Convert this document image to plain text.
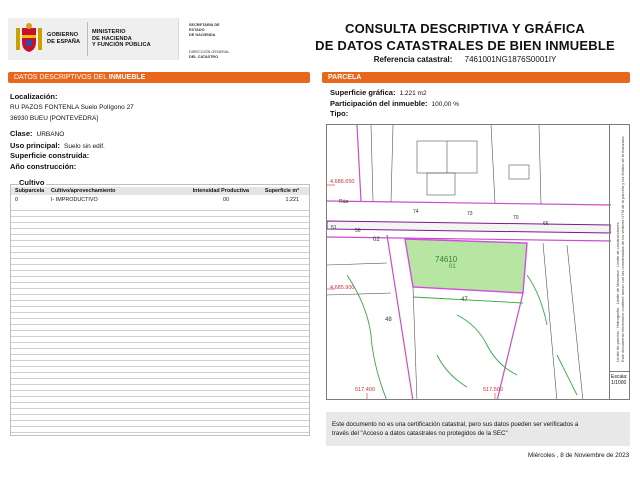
GOBIERNO
DE ESPAÑA
MINISTERIO
DE HACIENDA
Y FUNCIÓN PÚBLICA
SECRETARÍA DE ESTADO
DE HACIENDA
DIRECCIÓN GENERAL
DEL CATASTRO
CONSULTA DESCRIPTIVA Y GRÁFICA
DE DATOS CATASTRALES DE BIEN INMUEBLE
Referencia catastral: 7461001NG1876S0001IY
DATOS DESCRIPTIVOS DEL INMUEBLE
Localización:
RU PAZOS FONTENLA Suelo Polígono 27
36930 BUEU [PONTEVEDRA]
Clase: URBANO
Uso principal: Suelo sin edif.
Superficie construida:
Año construcción:
Cultivo
Subparcela	Cultivo/aprovechamiento	Intensidad Productiva	Superficie m²
0	I- IMPRODUCTIVO	00	1.221
PARCELA
Superficie gráfica: 1.221 m2
Participación del inmueble: 100,00 %
Tipo:
74610
01
02
47
48
51	56
66
70
73
74
Rúa
4.686.650
4.685.900
517.400	517.500
Límite de parcela · Hidrografía · Límite de Manzana · Límite de construcciones
Este documento electrónico contiene anexo con las coordenadas de los vértices UTM de la parcela y los límites de la manzana.
Escala:
1/1000
Este documento no es una certificación catastral, pero sus datos pueden ser verificados a
través del "Acceso a datos catastrales no protegidos de la SEC"
Miércoles , 8 de Noviembre de 2023
